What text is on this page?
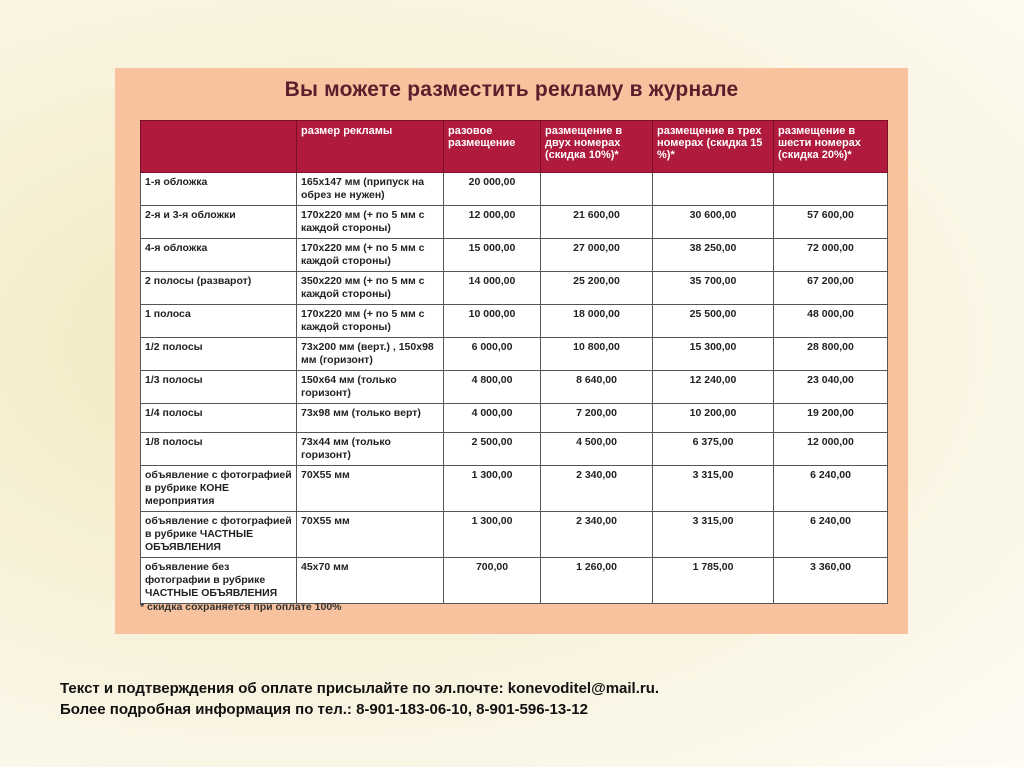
Вы можете разместить рекламу в журнале
	размер рекламы	разовое размещение	размещение в двух номерах (скидка 10%)*	размещение в трех номерах (скидка 15 %)*	размещение в шести номерах (скидка 20%)*
1-я обложка	165x147 мм (припуск на обрез не нужен)	20 000,00			
2-я и 3-я обложки	170x220 мм (+ по 5 мм с каждой стороны)	12 000,00	21 600,00	30 600,00	57 600,00
4-я обложка	170x220 мм (+ по 5 мм с каждой стороны)	15 000,00	27 000,00	38 250,00	72 000,00
2 полосы (разварот)	350x220 мм (+ по 5 мм с каждой стороны)	14 000,00	25 200,00	35 700,00	67 200,00
1 полоса	170x220 мм (+ по 5 мм с каждой стороны)	10 000,00	18 000,00	25 500,00	48 000,00
1/2 полосы	73x200 мм (верт.) , 150x98 мм (горизонт)	6 000,00	10 800,00	15 300,00	28 800,00
1/3 полосы	150x64 мм (только горизонт)	4 800,00	8 640,00	12 240,00	23 040,00
1/4 полосы	73x98 мм (только верт)	4 000,00	7 200,00	10 200,00	19 200,00
1/8 полосы	73x44 мм (только горизонт)	2 500,00	4 500,00	6 375,00	12 000,00
объявление с фотографией в рубрике КОНЕ мероприятия	70X55 мм	1 300,00	2 340,00	3 315,00	6 240,00
объявление с фотографией в рубрике ЧАСТНЫЕ ОБЪЯВЛЕНИЯ	70X55 мм	1 300,00	2 340,00	3 315,00	6 240,00
объявление без фотографии в рубрике ЧАСТНЫЕ ОБЪЯВЛЕНИЯ	45x70 мм	700,00	1 260,00	1 785,00	3 360,00
* скидка сохраняется при оплате 100%
Текст и подтверждения об оплате присылайте по эл.почте: konevoditel@mail.ru.
Более подробная информация по тел.: 8-901-183-06-10, 8-901-596-13-12
